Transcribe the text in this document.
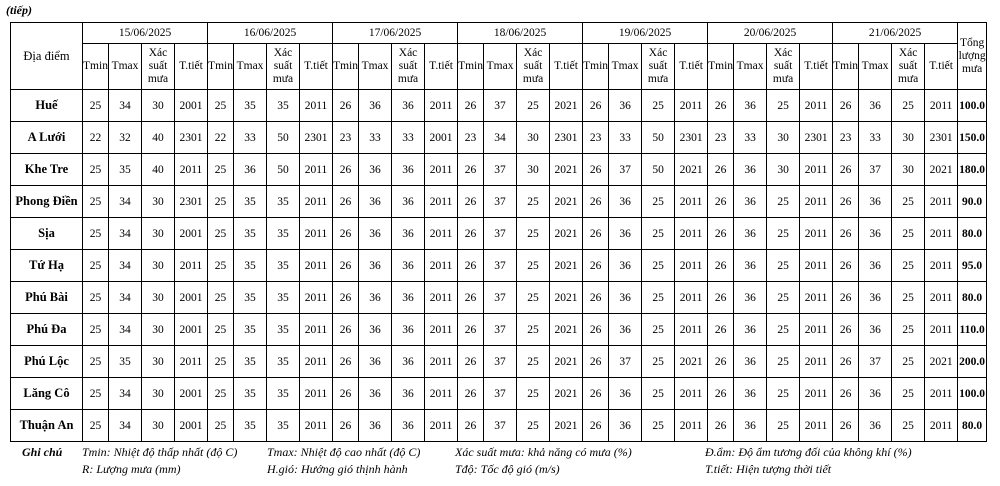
(tiếp)
Địa điểm	15/06/2025				16/06/2025				17/06/2025				18/06/2025				19/06/2025				20/06/2025				21/06/2025				Tổng lượng mưa
	Tmin	Tmax	Xác suất mưa	T.tiết	Tmin	Tmax	Xác suất mưa	T.tiết	Tmin	Tmax	Xác suất mưa	T.tiết	Tmin	Tmax	Xác suất mưa	T.tiết	Tmin	Tmax	Xác suất mưa	T.tiết	Tmin	Tmax	Xác suất mưa	T.tiết	Tmin	Tmax	Xác suất mưa	T.tiết	
Huế	25	34	30	2001	25	35	35	2011	26	36	36	2011	26	37	25	2021	26	36	25	2011	26	36	25	2011	26	36	25	2011	100.0
A Lưới	22	32	40	2301	22	33	50	2301	23	33	33	2001	23	34	30	2301	23	33	50	2301	23	33	30	2301	23	33	30	2301	150.0
Khe Tre	25	35	40	2011	25	36	50	2011	26	36	36	2011	26	37	30	2021	26	37	50	2021	26	36	30	2011	26	37	30	2021	180.0
Phong Điền	25	34	30	2301	25	35	35	2011	26	36	36	2011	26	37	25	2021	26	36	25	2011	26	36	25	2011	26	36	25	2011	90.0
Sịa	25	34	30	2001	25	35	35	2011	26	36	36	2011	26	37	25	2021	26	36	25	2011	26	36	25	2011	26	36	25	2011	80.0
Tứ Hạ	25	34	30	2011	25	35	35	2011	26	36	36	2011	26	37	25	2021	26	36	25	2011	26	36	25	2011	26	36	25	2011	95.0
Phú Bài	25	34	30	2001	25	35	35	2011	26	36	36	2011	26	37	25	2021	26	36	25	2011	26	36	25	2011	26	36	25	2011	80.0
Phú Đa	25	34	30	2001	25	35	35	2011	26	36	36	2011	26	37	25	2021	26	36	25	2011	26	36	25	2011	26	36	25	2011	110.0
Phú Lộc	25	35	30	2011	25	35	35	2011	26	36	36	2011	26	37	25	2021	26	37	25	2021	26	36	25	2011	26	37	25	2021	200.0
Lăng Cô	25	34	30	2001	25	35	35	2011	26	36	36	2011	26	37	25	2021	26	36	25	2011	26	36	25	2011	26	36	25	2011	100.0
Thuận An	25	34	30	2001	25	35	35	2011	26	36	36	2011	26	37	25	2021	26	36	25	2011	26	36	25	2011	26	36	25	2011	80.0
Ghi chú Tmin: Nhiệt độ thấp nhất (độ C) Tmax: Nhiệt độ cao nhất (độ C)	Xác suất mưa: khả năng có mưa (%)	Đ.ẩm: Độ ẩm tương đối của không khí (%)
R: Lượng mưa (mm)	H.gió: Hướng gió thịnh hành	Tđộ: Tốc độ gió (m/s)	T.tiết: Hiện tượng thời tiết
